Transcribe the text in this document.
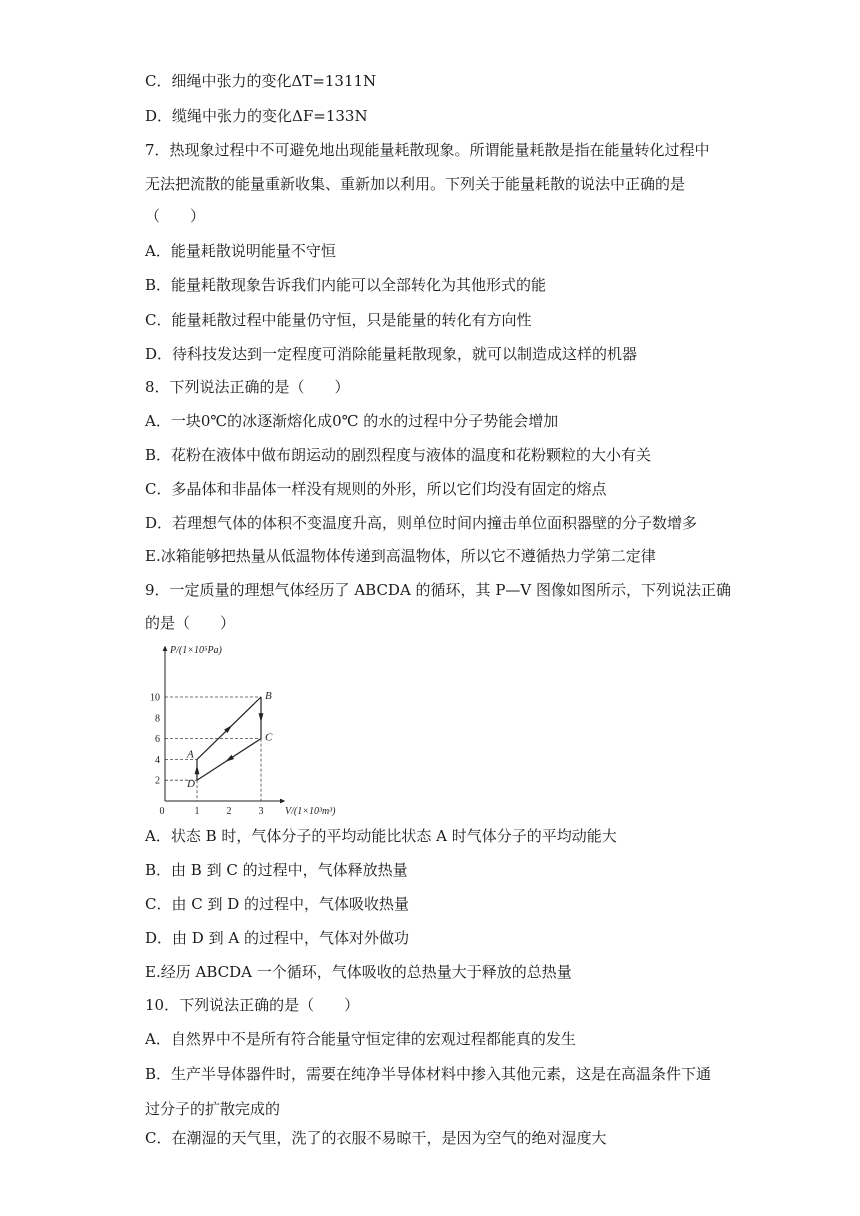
C．细绳中张力的变化ΔT=1311N
D．缆绳中张力的变化ΔF=133N
7．热现象过程中不可避免地出现能量耗散现象。所谓能量耗散是指在能量转化过程中
无法把流散的能量重新收集、重新加以利用。下列关于能量耗散的说法中正确的是
（　　）
A．能量耗散说明能量不守恒
B．能量耗散现象告诉我们内能可以全部转化为其他形式的能
C．能量耗散过程中能量仍守恒，只是能量的转化有方向性
D．待科技发达到一定程度可消除能量耗散现象，就可以制造成这样的机器
8．下列说法正确的是（　　）
A．一块0℃的冰逐渐熔化成0℃ 的水的过程中分子势能会增加
B．花粉在液体中做布朗运动的剧烈程度与液体的温度和花粉颗粒的大小有关
C．多晶体和非晶体一样没有规则的外形，所以它们均没有固定的熔点
D．若理想气体的体积不变温度升高，则单位时间内撞击单位面积器壁的分子数增多
E.冰箱能够把热量从低温物体传递到高温物体，所以它不遵循热力学第二定律
9．一定质量的理想气体经历了 ABCDA 的循环，其 P—V 图像如图所示，下列说法正确
的是（　　）
A．状态 B 时，气体分子的平均动能比状态 A 时气体分子的平均动能大
B．由 B 到 C 的过程中，气体释放热量
C．由 C 到 D 的过程中，气体吸收热量
D．由 D 到 A 的过程中，气体对外做功
E.经历 ABCDA 一个循环，气体吸收的总热量大于释放的总热量
10．下列说法正确的是（　　）
A．自然界中不是所有符合能量守恒定律的宏观过程都能真的发生
B．生产半导体器件时，需要在纯净半导体材料中掺入其他元素，这是在高温条件下通
过分子的扩散完成的
C．在潮湿的天气里，洗了的衣服不易晾干，是因为空气的绝对湿度大
2
4
6
8
10
1	2	3
0
P/(1×10⁵Pa)
V/(1×10³m³)
A
B
C
D
